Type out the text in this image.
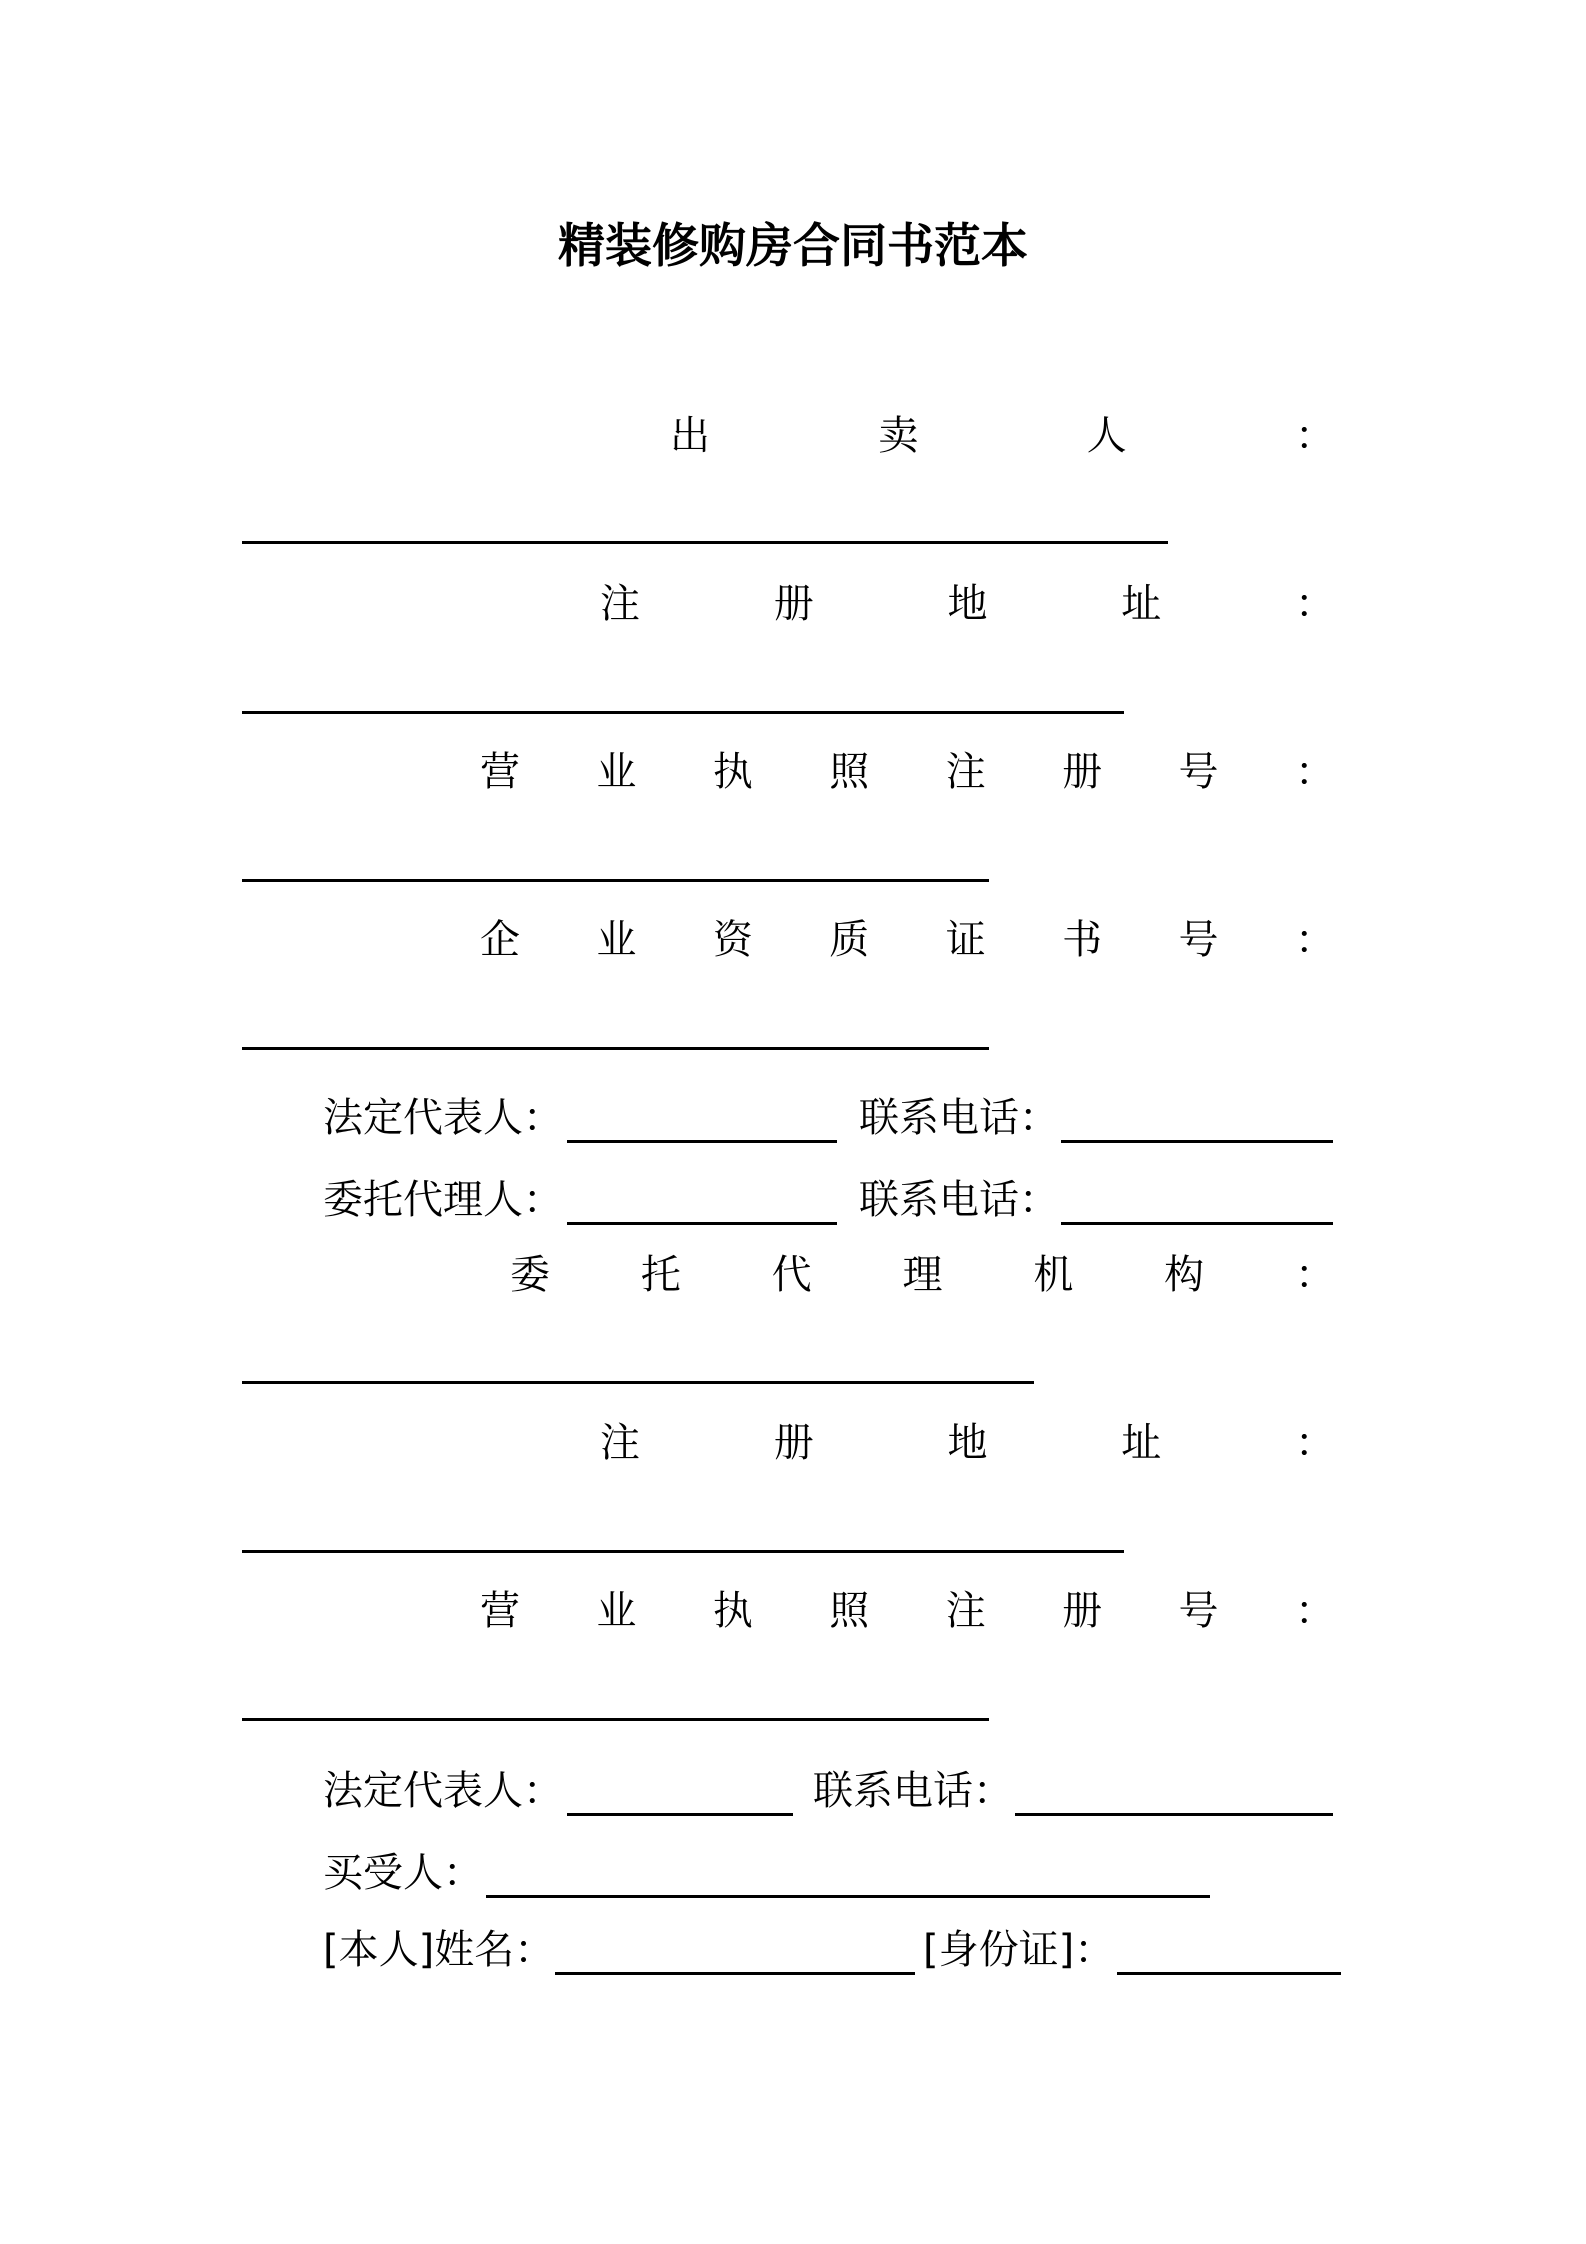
精装修购房合同书范本
出	卖	人	：
注	册	地	址	：
营 业 执 照 注 册 号 ：
企 业 资 质 证 书 号 ：
法定代表人：	联系电话：
委托代理人：	联系电话：
委 托 代 理 机 构 ：
注	册	地	址	：
营 业 执 照 注 册 号 ：
法定代表人：	联系电话：
买受人：
[本人]姓名：	[身份证]：
